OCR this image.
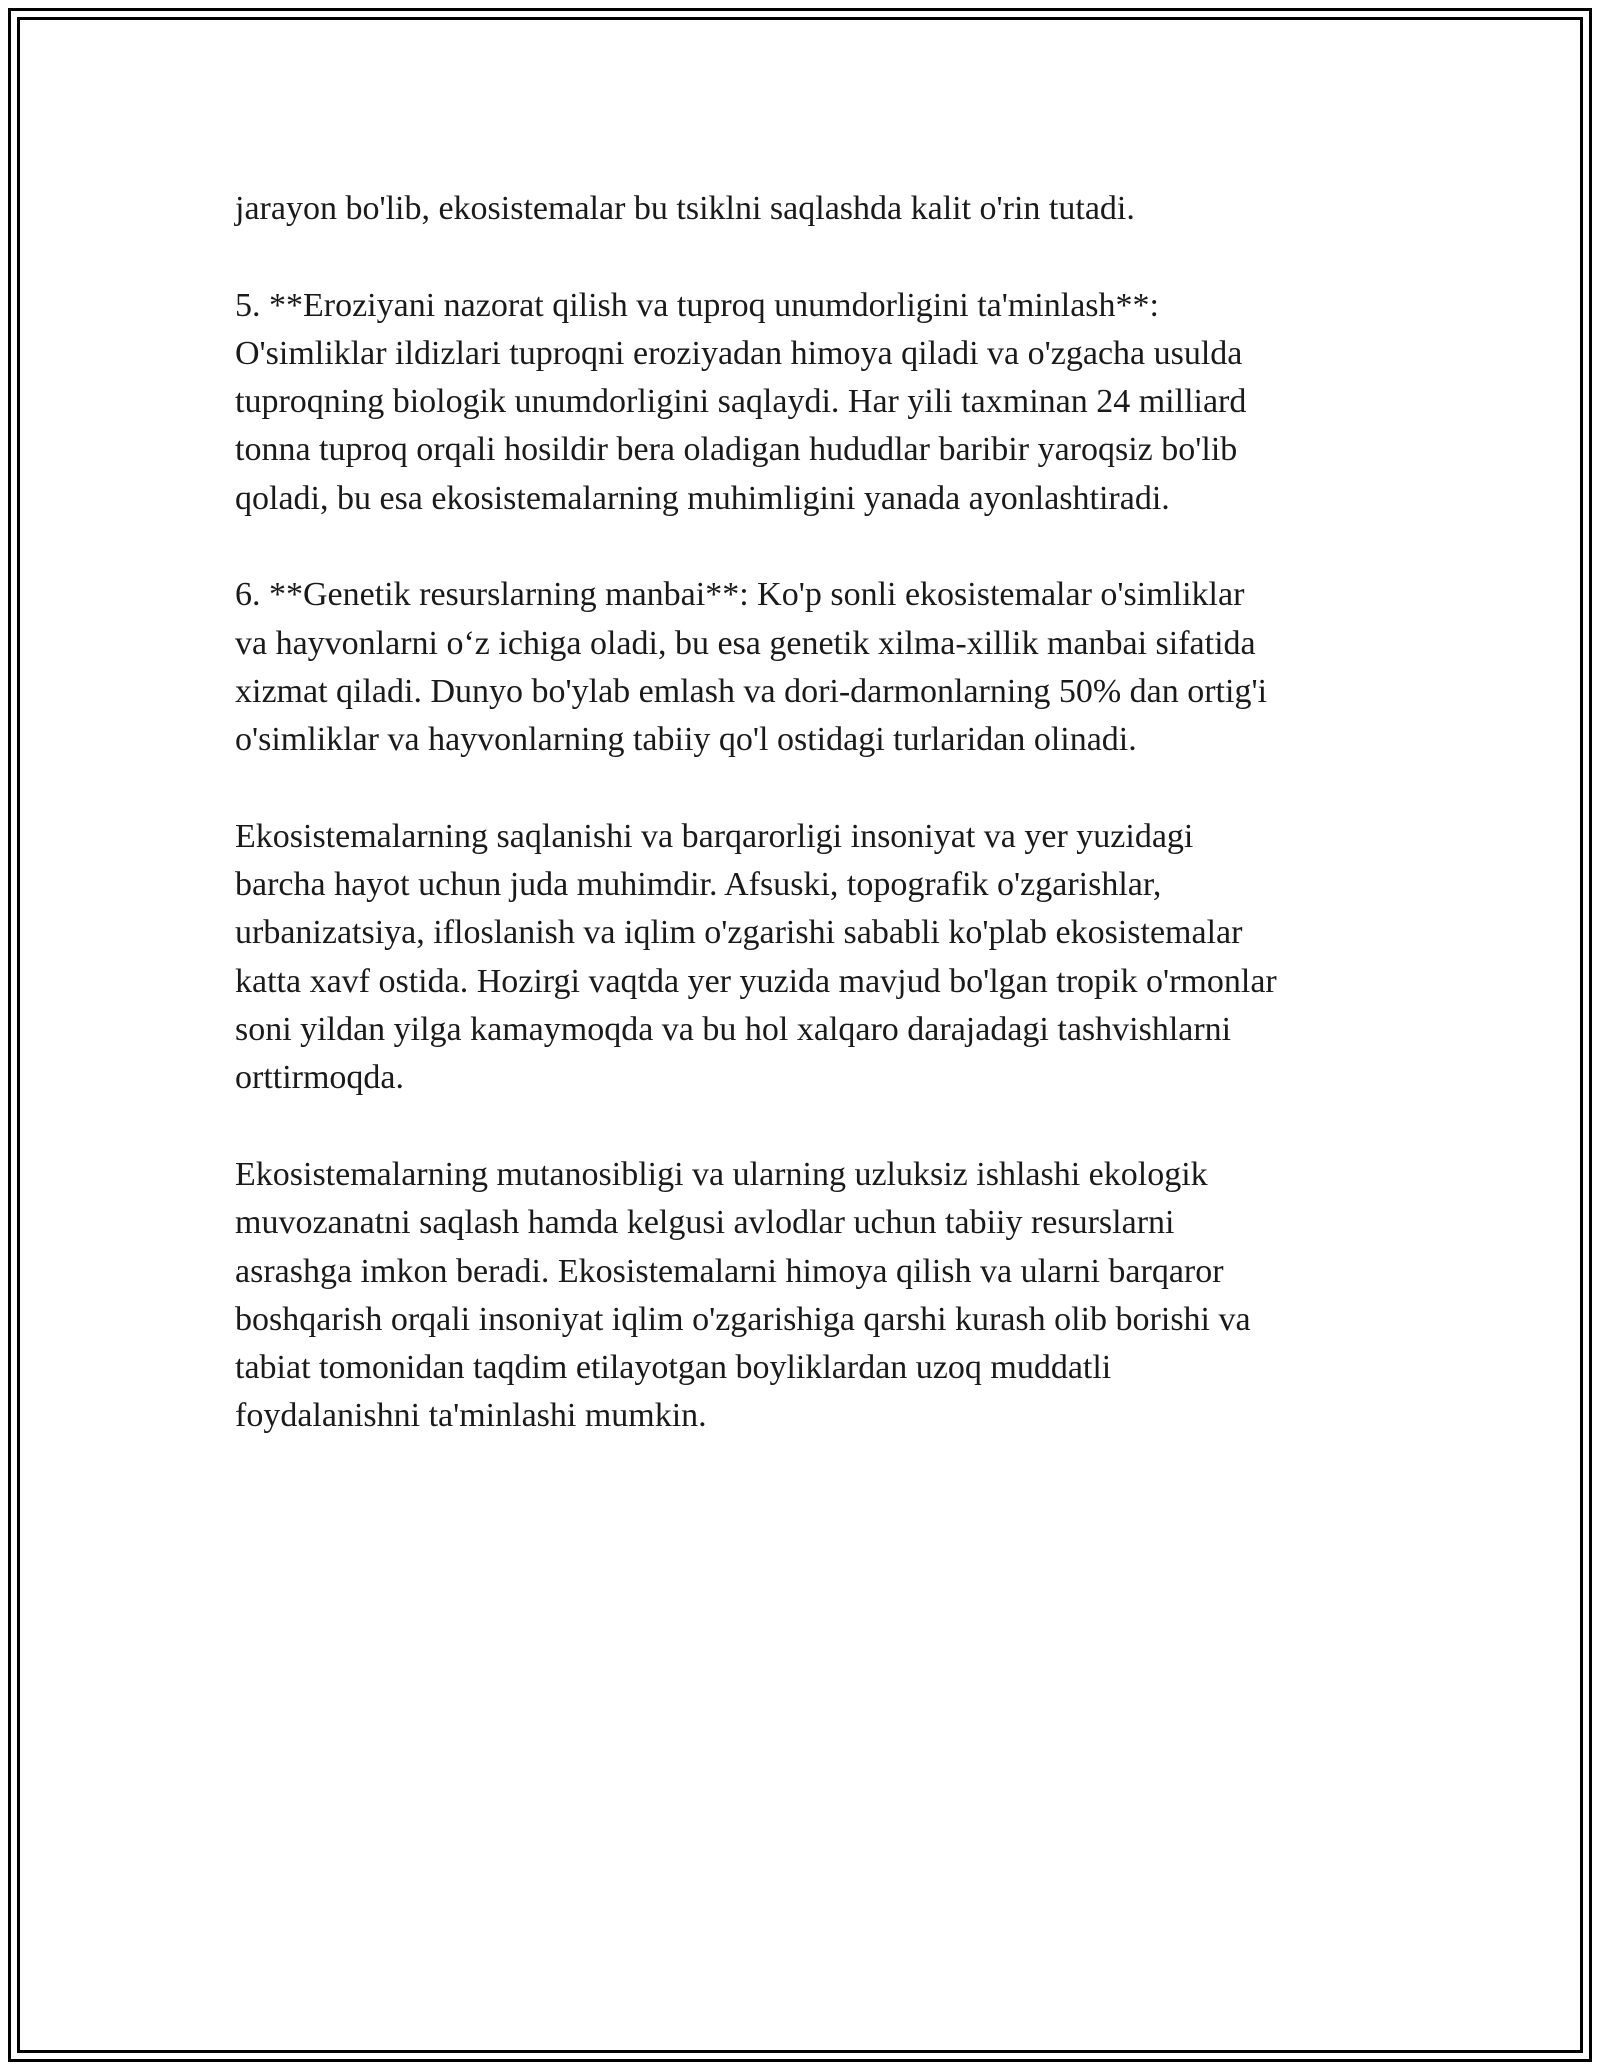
jarayon bo'lib, ekosistemalar bu tsiklni saqlashda kalit o'rin tutadi.

5. **Eroziyani nazorat qilish va tuproq unumdorligini ta'minlash**:
O'simliklar ildizlari tuproqni eroziyadan himoya qiladi va o'zgacha usulda
tuproqning biologik unumdorligini saqlaydi. Har yili taxminan 24 milliard
tonna tuproq orqali hosildir bera oladigan hududlar baribir yaroqsiz bo'lib
qoladi, bu esa ekosistemalarning muhimligini yanada ayonlashtiradi.

6. **Genetik resurslarning manbai**: Ko'p sonli ekosistemalar o'simliklar
va hayvonlarni o‘z ichiga oladi, bu esa genetik xilma-xillik manbai sifatida
xizmat qiladi. Dunyo bo'ylab emlash va dori-darmonlarning 50% dan ortig'i
o'simliklar va hayvonlarning tabiiy qo'l ostidagi turlaridan olinadi.

Ekosistemalarning saqlanishi va barqarorligi insoniyat va yer yuzidagi
barcha hayot uchun juda muhimdir. Afsuski, topografik o'zgarishlar,
urbanizatsiya, ifloslanish va iqlim o'zgarishi sababli ko'plab ekosistemalar
katta xavf ostida. Hozirgi vaqtda yer yuzida mavjud bo'lgan tropik o'rmonlar
soni yildan yilga kamaymoqda va bu hol xalqaro darajadagi tashvishlarni
orttirmoqda.

Ekosistemalarning mutanosibligi va ularning uzluksiz ishlashi ekologik
muvozanatni saqlash hamda kelgusi avlodlar uchun tabiiy resurslarni
asrashga imkon beradi. Ekosistemalarni himoya qilish va ularni barqaror
boshqarish orqali insoniyat iqlim o'zgarishiga qarshi kurash olib borishi va
tabiat tomonidan taqdim etilayotgan boyliklardan uzoq muddatli
foydalanishni ta'minlashi mumkin.
